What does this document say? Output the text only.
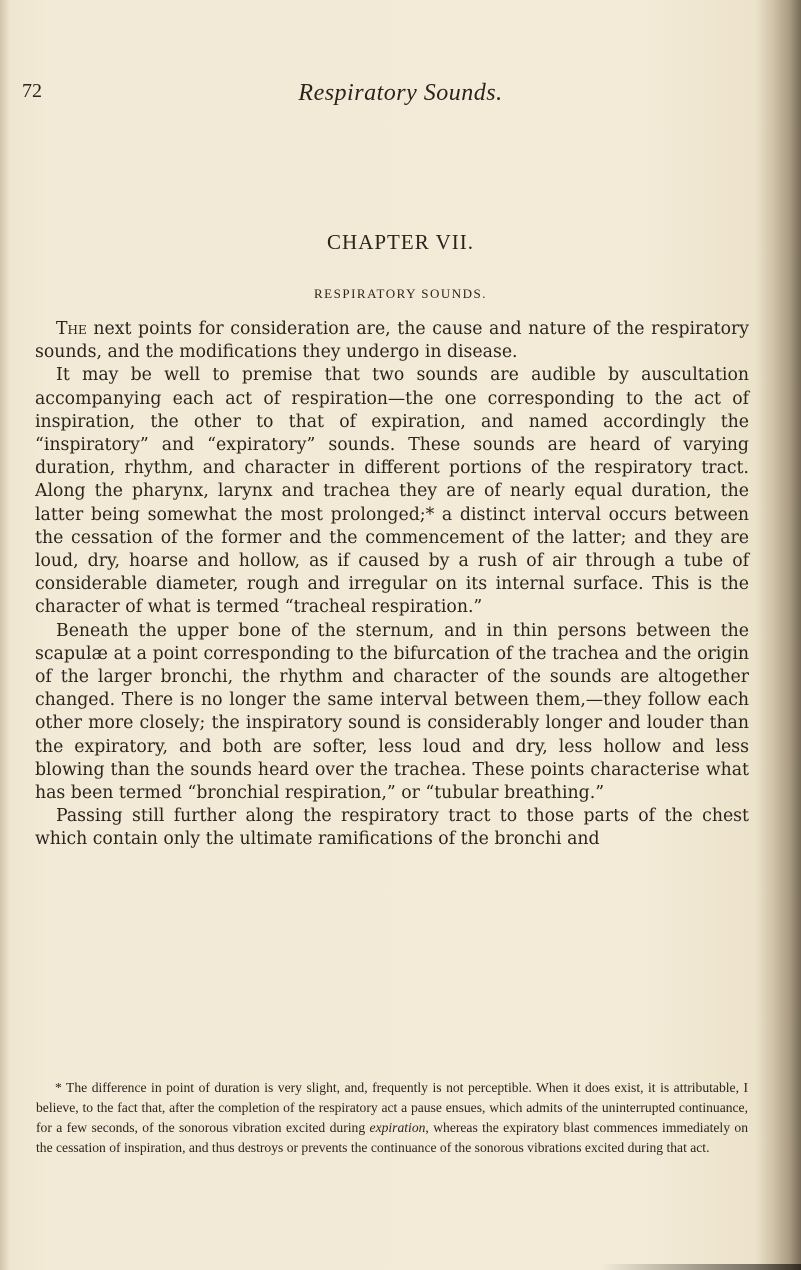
72	Respiratory Sounds.
CHAPTER VII.
RESPIRATORY SOUNDS.

The next points for consideration are, the cause and nature of the respiratory sounds, and the modifications they undergo in disease.

It may be well to premise that two sounds are audible by auscultation accompanying each act of respiration—the one corresponding to the act of inspiration, the other to that of expiration, and named accordingly the “inspiratory” and “expiratory” sounds. These sounds are heard of varying duration, rhythm, and character in different portions of the respiratory tract. Along the pharynx, larynx and trachea they are of nearly equal duration, the latter being somewhat the most prolonged;* a distinct interval occurs between the cessation of the former and the commencement of the latter; and they are loud, dry, hoarse and hollow, as if caused by a rush of air through a tube of considerable diameter, rough and irregular on its internal surface. This is the character of what is termed “tracheal respiration.”

Beneath the upper bone of the sternum, and in thin persons between the scapulæ at a point corresponding to the bifurcation of the trachea and the origin of the larger bronchi, the rhythm and character of the sounds are altogether changed. There is no longer the same interval between them,—they follow each other more closely; the inspiratory sound is considerably longer and louder than the expiratory, and both are softer, less loud and dry, less hollow and less blowing than the sounds heard over the trachea. These points characterise what has been termed “bronchial respiration,” or “tubular breathing.”

Passing still further along the respiratory tract to those parts of the chest which contain only the ultimate ramifications of the bronchi and

* The difference in point of duration is very slight, and, frequently is not perceptible. When it does exist, it is attributable, I believe, to the fact that, after the completion of the respiratory act a pause ensues, which admits of the uninterrupted continuance, for a few seconds, of the sonorous vibration excited during expiration, whereas the expiratory blast commences immediately on the cessation of inspiration, and thus destroys or prevents the continuance of the sonorous vibrations excited during that act.
